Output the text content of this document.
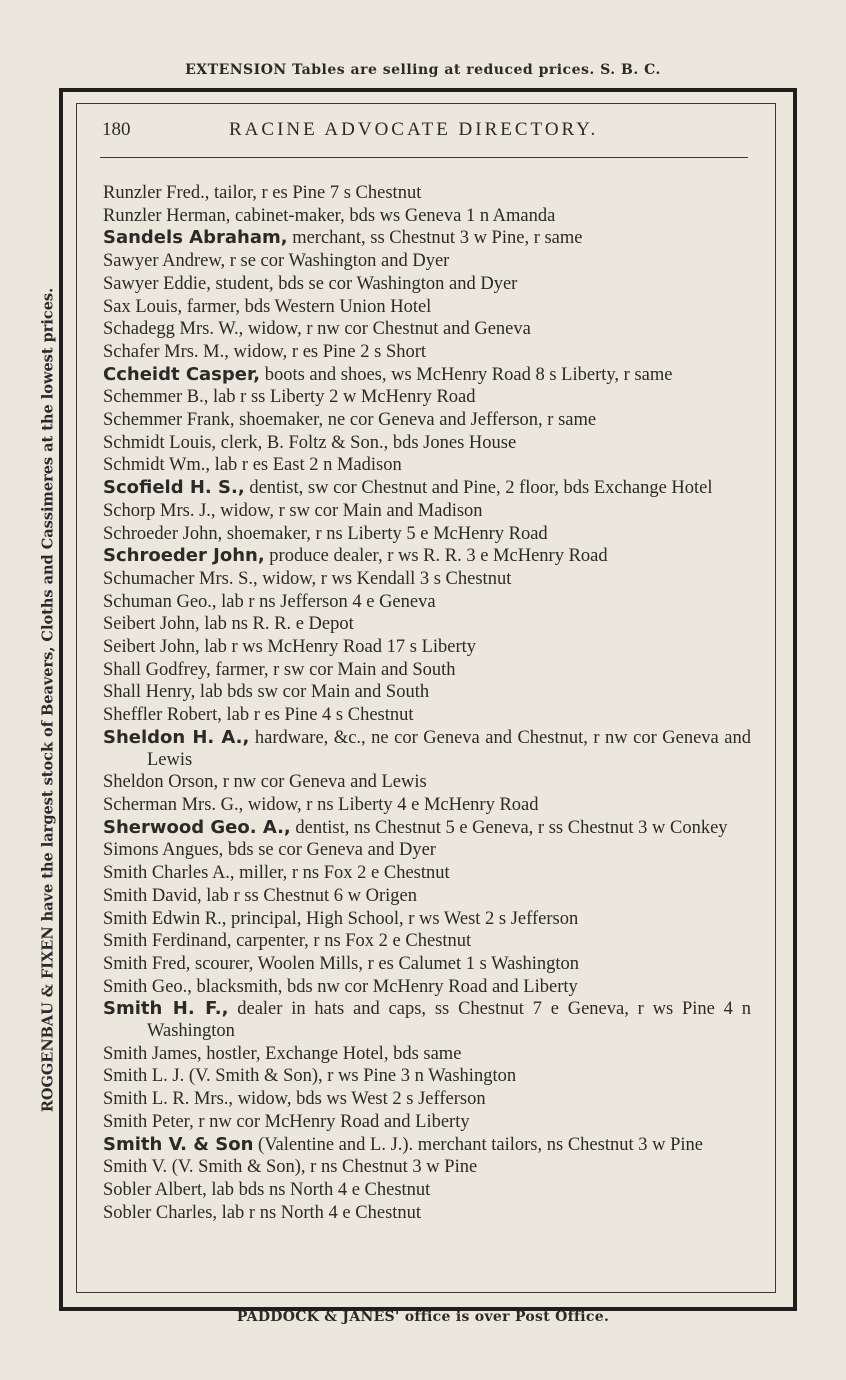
EXTENSION Tables are selling at reduced prices. S. B. C.
ROGGENBAU & FIXEN have the largest stock of Beavers, Cloths and Cassimeres at the lowest prices.
180	RACINE ADVOCATE DIRECTORY.
Runzler Fred., tailor, r es Pine 7 s Chestnut
Runzler Herman, cabinet-maker, bds ws Geneva 1 n Amanda
Sandels Abraham, merchant, ss Chestnut 3 w Pine, r same
Sawyer Andrew, r se cor Washington and Dyer
Sawyer Eddie, student, bds se cor Washington and Dyer
Sax Louis, farmer, bds Western Union Hotel
Schadegg Mrs. W., widow, r nw cor Chestnut and Geneva
Schafer Mrs. M., widow, r es Pine 2 s Short
Ccheidt Casper, boots and shoes, ws McHenry Road 8 s Liberty, r same
Schemmer B., lab r ss Liberty 2 w McHenry Road
Schemmer Frank, shoemaker, ne cor Geneva and Jefferson, r same
Schmidt Louis, clerk, B. Foltz & Son., bds Jones House
Schmidt Wm., lab r es East 2 n Madison
Scofield H. S., dentist, sw cor Chestnut and Pine, 2 floor, bds Exchange Hotel
Schorp Mrs. J., widow, r sw cor Main and Madison
Schroeder John, shoemaker, r ns Liberty 5 e McHenry Road
Schroeder John, produce dealer, r ws R. R. 3 e McHenry Road
Schumacher Mrs. S., widow, r ws Kendall 3 s Chestnut
Schuman Geo., lab r ns Jefferson 4 e Geneva
Seibert John, lab ns R. R. e Depot
Seibert John, lab r ws McHenry Road 17 s Liberty
Shall Godfrey, farmer, r sw cor Main and South
Shall Henry, lab bds sw cor Main and South
Sheffler Robert, lab r es Pine 4 s Chestnut
Sheldon H. A., hardware, &c., ne cor Geneva and Chestnut, r nw cor Geneva and Lewis
Sheldon Orson, r nw cor Geneva and Lewis
Scherman Mrs. G., widow, r ns Liberty 4 e McHenry Road
Sherwood Geo. A., dentist, ns Chestnut 5 e Geneva, r ss Chestnut 3 w Conkey
Simons Angues, bds se cor Geneva and Dyer
Smith Charles A., miller, r ns Fox 2 e Chestnut
Smith David, lab r ss Chestnut 6 w Origen
Smith Edwin R., principal, High School, r ws West 2 s Jefferson
Smith Ferdinand, carpenter, r ns Fox 2 e Chestnut
Smith Fred, scourer, Woolen Mills, r es Calumet 1 s Washington
Smith Geo., blacksmith, bds nw cor McHenry Road and Liberty
Smith H. F., dealer in hats and caps, ss Chestnut 7 e Geneva, r ws Pine 4 n Washington
Smith James, hostler, Exchange Hotel, bds same
Smith L. J. (V. Smith & Son), r ws Pine 3 n Washington
Smith L. R. Mrs., widow, bds ws West 2 s Jefferson
Smith Peter, r nw cor McHenry Road and Liberty
Smith V. & Son (Valentine and L. J.). merchant tailors, ns Chestnut 3 w Pine
Smith V. (V. Smith & Son), r ns Chestnut 3 w Pine
Sobler Albert, lab bds ns North 4 e Chestnut
Sobler Charles, lab r ns North 4 e Chestnut
PADDOCK & JANES' office is over Post Office.
